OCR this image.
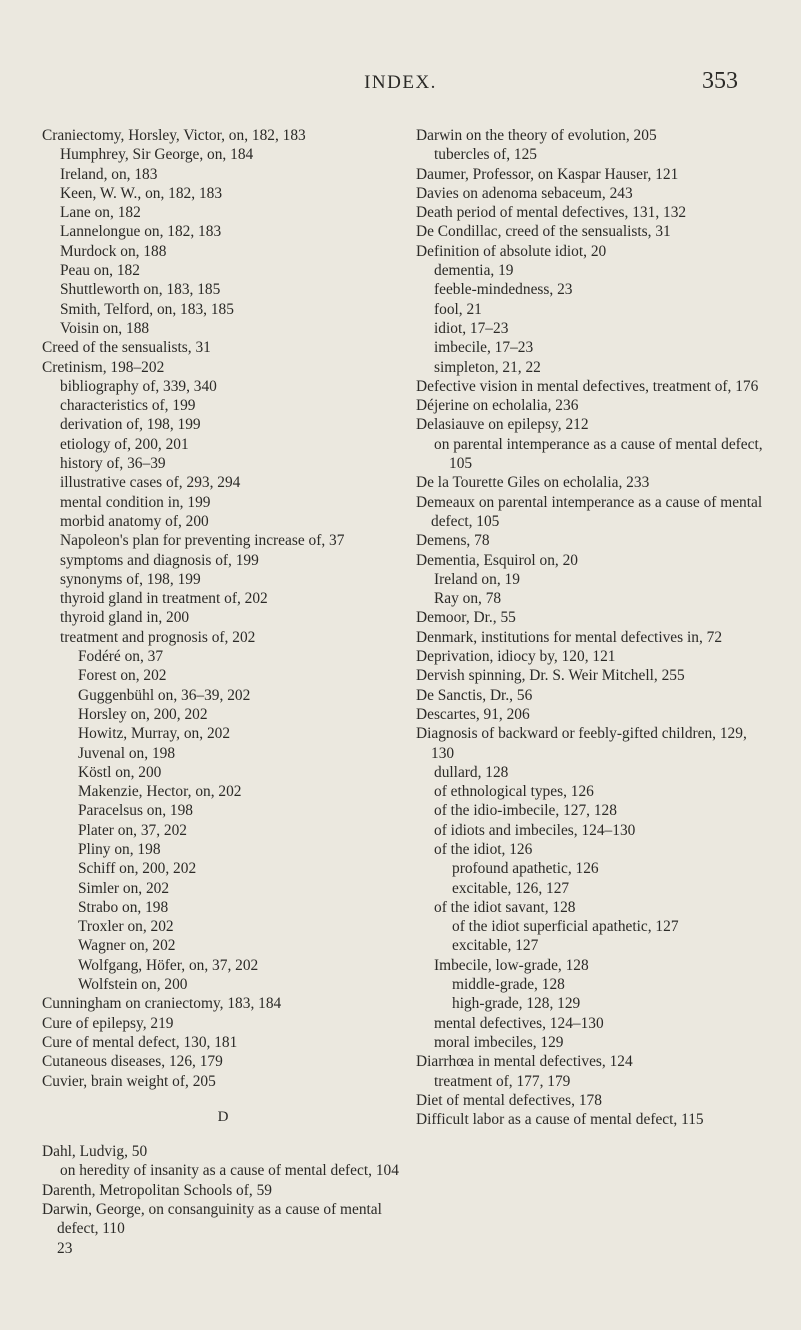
INDEX.	353

Craniectomy, Horsley, Victor, on, 182, 183

Humphrey, Sir George, on, 184

Ireland, on, 183

Keen, W. W., on, 182, 183

Lane on, 182

Lannelongue on, 182, 183

Murdock on, 188

Peau on, 182

Shuttleworth on, 183, 185

Smith, Telford, on, 183, 185

Voisin on, 188

Creed of the sensualists, 31

Cretinism, 198–202

bibliography of, 339, 340

characteristics of, 199

derivation of, 198, 199

etiology of, 200, 201

history of, 36–39

illustrative cases of, 293, 294

mental condition in, 199

morbid anatomy of, 200

Napoleon's plan for preventing increase of, 37

symptoms and diagnosis of, 199

synonyms of, 198, 199

thyroid gland in treatment of, 202

thyroid gland in, 200

treatment and prognosis of, 202

Fodéré on, 37

Forest on, 202

Guggenbühl on, 36–39, 202

Horsley on, 200, 202

Howitz, Murray, on, 202

Juvenal on, 198

Köstl on, 200

Makenzie, Hector, on, 202

Paracelsus on, 198

Plater on, 37, 202

Pliny on, 198

Schiff on, 200, 202

Simler on, 202

Strabo on, 198

Troxler on, 202

Wagner on, 202

Wolfgang, Höfer, on, 37, 202

Wolfstein on, 200

Cunningham on craniectomy, 183, 184

Cure of epilepsy, 219

Cure of mental defect, 130, 181

Cutaneous diseases, 126, 179

Cuvier, brain weight of, 205

D

Dahl, Ludvig, 50

on heredity of insanity as a cause of mental defect, 104

Darenth, Metropolitan Schools of, 59

Darwin, George, on consanguinity as a cause of mental defect, 110

23

Darwin on the theory of evolution, 205

tubercles of, 125

Daumer, Professor, on Kaspar Hauser, 121

Davies on adenoma sebaceum, 243

Death period of mental defectives, 131, 132

De Condillac, creed of the sensualists, 31

Definition of absolute idiot, 20

dementia, 19

feeble-mindedness, 23

fool, 21

idiot, 17–23

imbecile, 17–23

simpleton, 21, 22

Defective vision in mental defectives, treatment of, 176

Déjerine on echolalia, 236

Delasiauve on epilepsy, 212

on parental intemperance as a cause of mental defect, 105

De la Tourette Giles on echolalia, 233

Demeaux on parental intemperance as a cause of mental defect, 105

Demens, 78

Dementia, Esquirol on, 20

Ireland on, 19

Ray on, 78

Demoor, Dr., 55

Denmark, institutions for mental defectives in, 72

Deprivation, idiocy by, 120, 121

Dervish spinning, Dr. S. Weir Mitchell, 255

De Sanctis, Dr., 56

Descartes, 91, 206

Diagnosis of backward or feebly-gifted children, 129, 130

dullard, 128

of ethnological types, 126

of the idio-imbecile, 127, 128

of idiots and imbeciles, 124–130

of the idiot, 126

profound apathetic, 126

excitable, 126, 127

of the idiot savant, 128

of the idiot superficial apathetic, 127

excitable, 127

Imbecile, low-grade, 128

middle-grade, 128

high-grade, 128, 129

mental defectives, 124–130

moral imbeciles, 129

Diarrhœa in mental defectives, 124

treatment of, 177, 179

Diet of mental defectives, 178

Difficult labor as a cause of mental defect, 115
